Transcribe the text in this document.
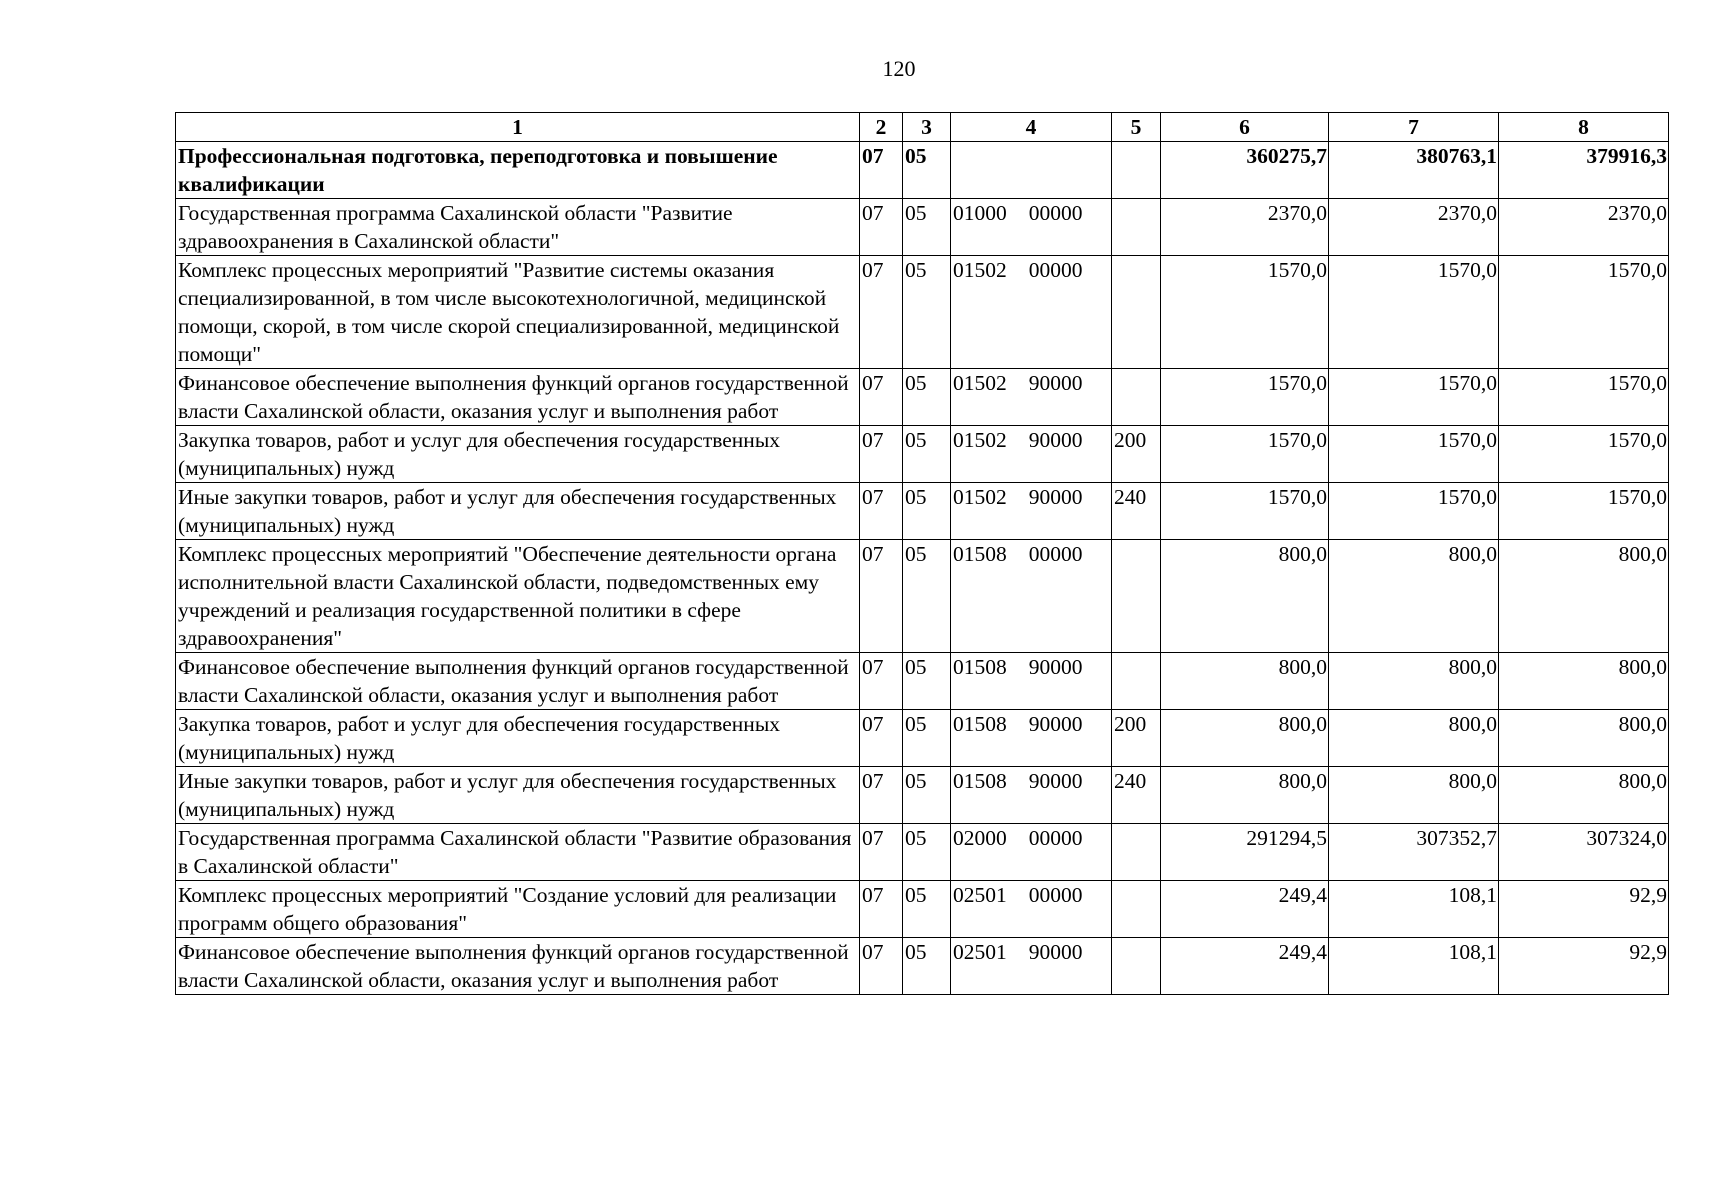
120
1	2	3	4	5	6	7	8
Профессиональная подготовка, переподготовка и повышение квалификации	07	05			360275,7	380763,1	379916,3
Государственная программа Сахалинской области "Развитие здравоохранения в Сахалинской области"	07	05	01000 00000		2370,0	2370,0	2370,0
Комплекс процессных мероприятий "Развитие системы оказания специализированной, в том числе высокотехнологичной, медицинской помощи, скорой, в том числе скорой специализированной, медицинской помощи"	07	05	01502 00000		1570,0	1570,0	1570,0
Финансовое обеспечение выполнения функций органов государственной власти Сахалинской области, оказания услуг и выполнения работ	07	05	01502 90000		1570,0	1570,0	1570,0
Закупка товаров, работ и услуг для обеспечения государственных (муниципальных) нужд	07	05	01502 90000	200	1570,0	1570,0	1570,0
Иные закупки товаров, работ и услуг для обеспечения государственных (муниципальных) нужд	07	05	01502 90000	240	1570,0	1570,0	1570,0
Комплекс процессных мероприятий "Обеспечение деятельности органа исполнительной власти Сахалинской области, подведомственных ему учреждений и реализация государственной политики в сфере здравоохранения"	07	05	01508 00000		800,0	800,0	800,0
Финансовое обеспечение выполнения функций органов государственной власти Сахалинской области, оказания услуг и выполнения работ	07	05	01508 90000		800,0	800,0	800,0
Закупка товаров, работ и услуг для обеспечения государственных (муниципальных) нужд	07	05	01508 90000	200	800,0	800,0	800,0
Иные закупки товаров, работ и услуг для обеспечения государственных (муниципальных) нужд	07	05	01508 90000	240	800,0	800,0	800,0
Государственная программа Сахалинской области "Развитие образования в Сахалинской области"	07	05	02000 00000		291294,5	307352,7	307324,0
Комплекс процессных мероприятий "Создание условий для реализации программ общего образования"	07	05	02501 00000		249,4	108,1	92,9
Финансовое обеспечение выполнения функций органов государственной власти Сахалинской области, оказания услуг и выполнения работ	07	05	02501 90000		249,4	108,1	92,9
